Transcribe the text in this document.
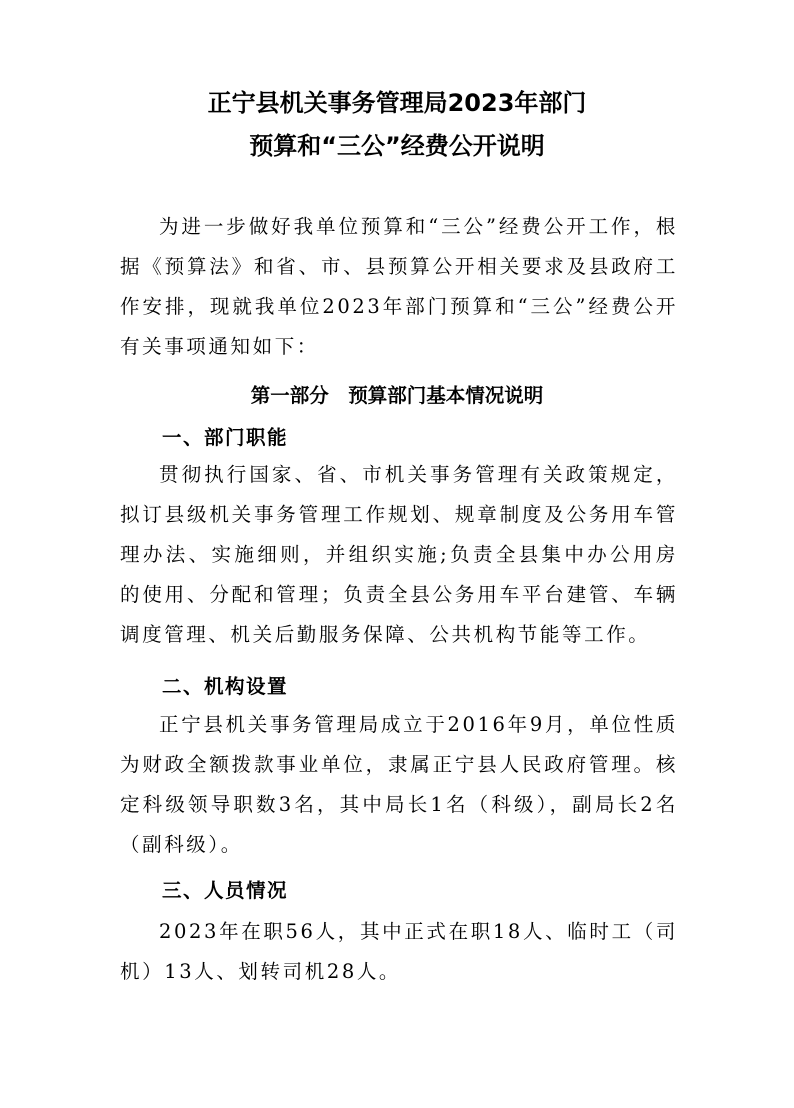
正宁县机关事务管理局2023年部门
预算和“三公”经费公开说明

为进一步做好我单位预算和“三公”经费公开工作，根据《预算法》和省、市、县预算公开相关要求及县政府工作安排，现就我单位2023年部门预算和“三公”经费公开有关事项通知如下：

第一部分　预算部门基本情况说明
一、部门职能

贯彻执行国家、省、市机关事务管理有关政策规定，拟订县级机关事务管理工作规划、规章制度及公务用车管理办法、实施细则，并组织实施;负责全县集中办公用房的使用、分配和管理；负责全县公务用车平台建管、车辆调度管理、机关后勤服务保障、公共机构节能等工作。

二、机构设置

正宁县机关事务管理局成立于2016年9月，单位性质为财政全额拨款事业单位，隶属正宁县人民政府管理。核定科级领导职数3名，其中局长1名（科级），副局长2名（副科级）。

三、人员情况

2023年在职56人，其中正式在职18人、临时工（司机）13人、划转司机28人。
